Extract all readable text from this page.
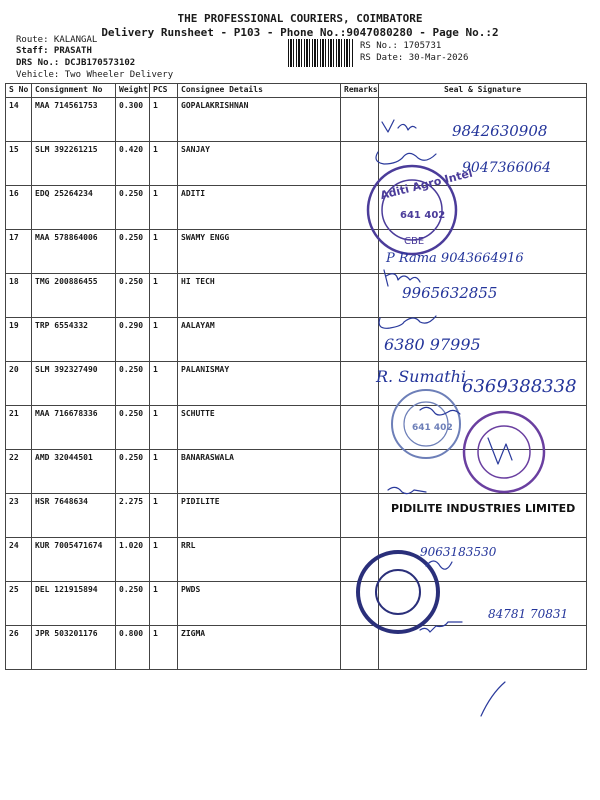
THE PROFESSIONAL COURIERS, COIMBATORE
Delivery Runsheet - P103 - Phone No.:9047080280 - Page No.:2
Route: KALANGAL
Staff: PRASATH
DRS No.: DCJB170573102
Vehicle: Two Wheeler Delivery
RS No.: 1705731
RS Date: 30-Mar-2026
S No	Consignment No	Weight	PCS	Consignee Details	Remarks	Seal & Signature
14	MAA 714561753	0.300	1	GOPALAKRISHNAN		
15	SLM 392261215	0.420	1	SANJAY		
16	EDQ 25264234	0.250	1	ADITI		
17	MAA 578864006	0.250	1	SWAMY ENGG		
18	TMG 200886455	0.250	1	HI TECH		
19	TRP 6554332	0.290	1	AALAYAM		
20	SLM 392327490	0.250	1	PALANISMAY		
21	MAA 716678336	0.250	1	SCHUTTE		
22	AMD 32044501	0.250	1	BANARASWALA		
23	HSR 7648634	2.275	1	PIDILITE		
24	KUR 7005471674	1.020	1	RRL		
25	DEL 121915894	0.250	1	PWDS		
26	JPR 503201176	0.800	1	ZIGMA		
9842630908
9047366064
Aditi Agro Intel
641 402
CBE
P Rama 9043664916
9965632855
6380 97995
R. Sumathi
6369388338
641 402
PIDILITE INDUSTRIES LIMITED
9063183530
84781 70831
